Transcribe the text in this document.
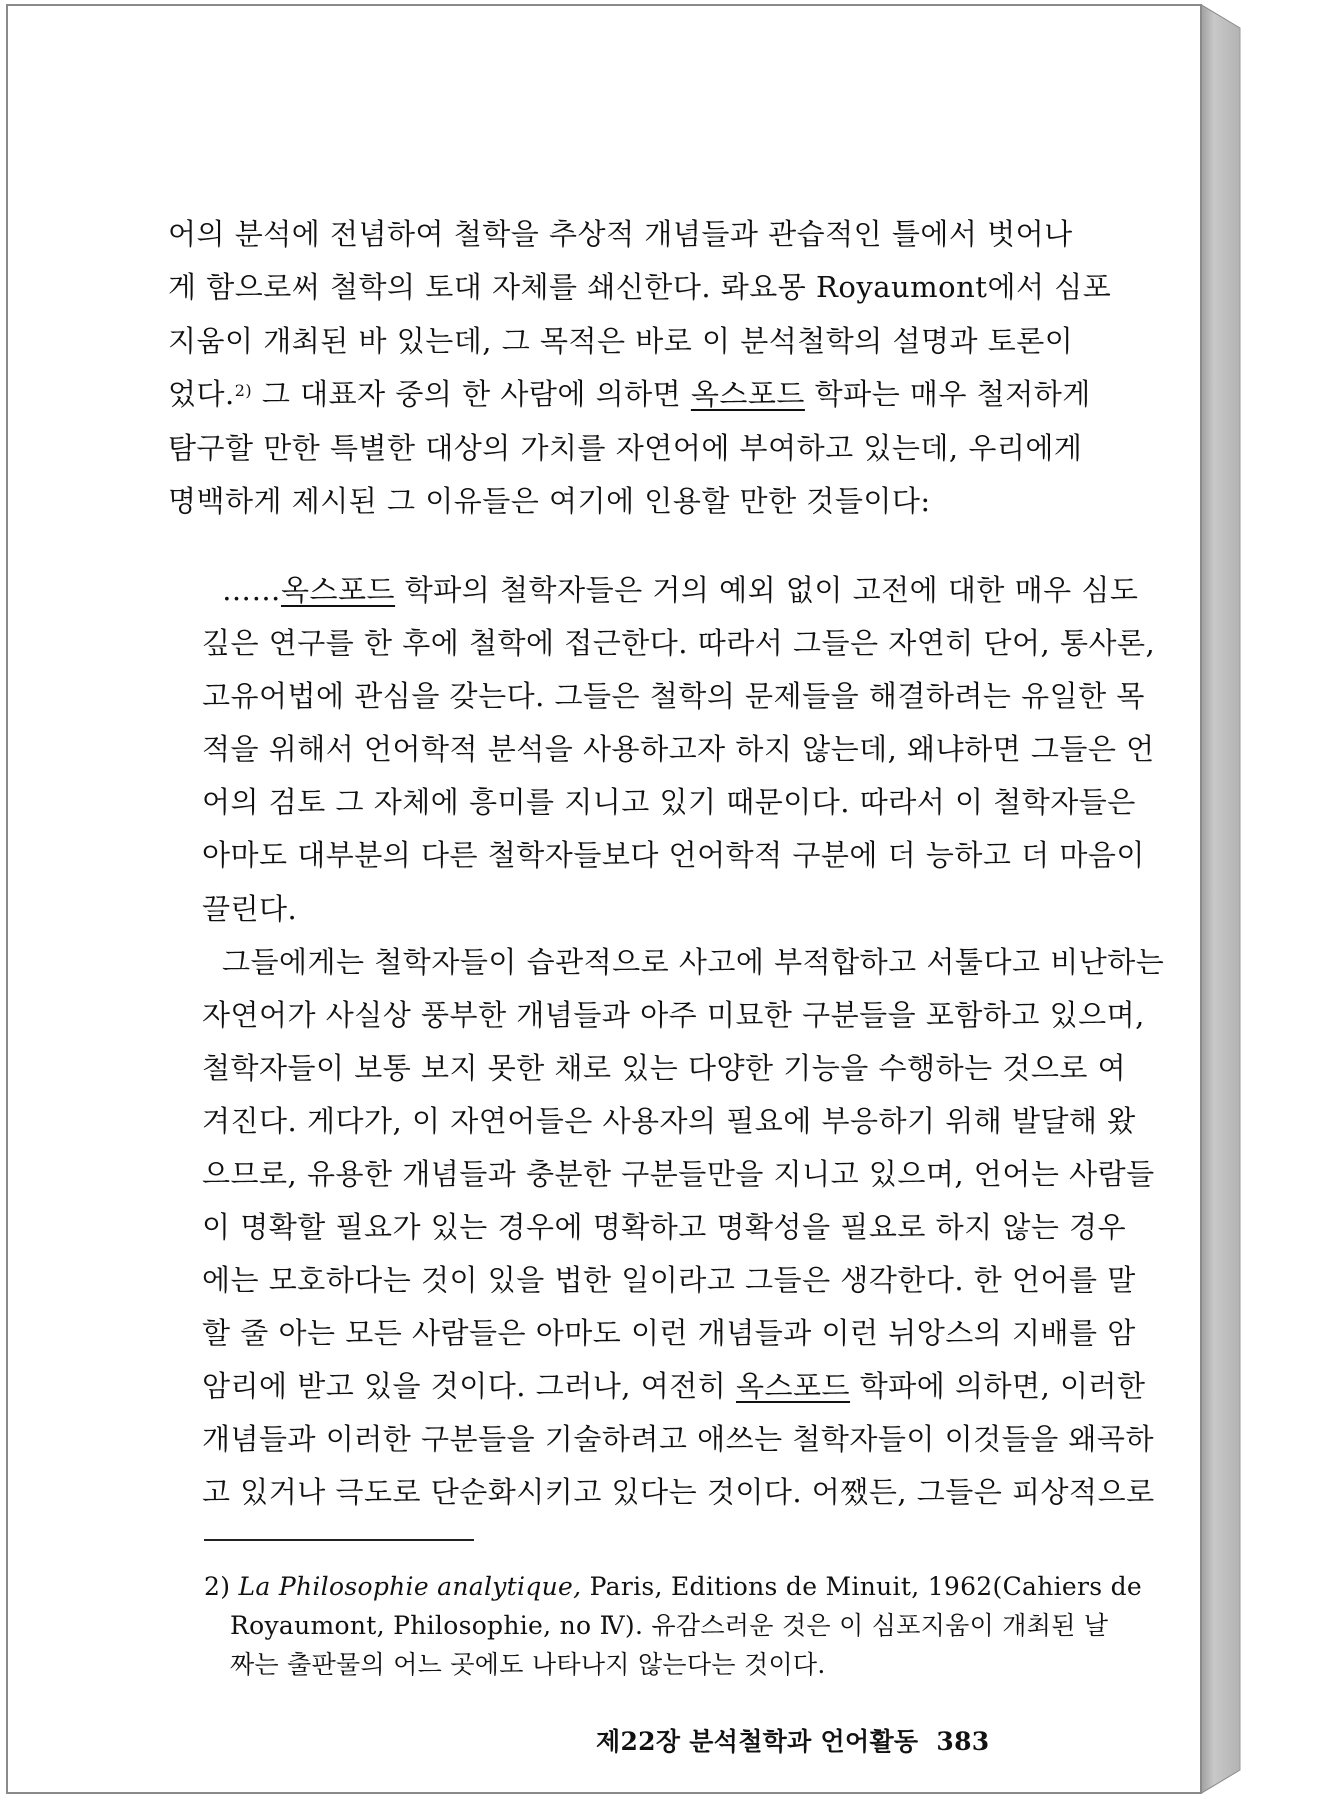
어의 분석에 전념하여 철학을 추상적 개념들과 관습적인 틀에서 벗어나

게 함으로써 철학의 토대 자체를 쇄신한다. 롸요몽 Royaumont에서 심포

지움이 개최된 바 있는데, 그 목적은 바로 이 분석철학의 설명과 토론이

었다.$^{2)}$ 그 대표자 중의 한 사람에 의하면 옥스포드 학파는 매우 철저하게

탐구할 만한 특별한 대상의 가치를 자연어에 부여하고 있는데, 우리에게

명백하게 제시된 그 이유들은 여기에 인용할 만한 것들이다:

……옥스포드 학파의 철학자들은 거의 예외 없이 고전에 대한 매우 심도

깊은 연구를 한 후에 철학에 접근한다. 따라서 그들은 자연히 단어, 통사론,

고유어법에 관심을 갖는다. 그들은 철학의 문제들을 해결하려는 유일한 목

적을 위해서 언어학적 분석을 사용하고자 하지 않는데, 왜냐하면 그들은 언

어의 검토 그 자체에 흥미를 지니고 있기 때문이다. 따라서 이 철학자들은

아마도 대부분의 다른 철학자들보다 언어학적 구분에 더 능하고 더 마음이

끌린다.

그들에게는 철학자들이 습관적으로 사고에 부적합하고 서툴다고 비난하는

자연어가 사실상 풍부한 개념들과 아주 미묘한 구분들을 포함하고 있으며,

철학자들이 보통 보지 못한 채로 있는 다양한 기능을 수행하는 것으로 여

겨진다. 게다가, 이 자연어들은 사용자의 필요에 부응하기 위해 발달해 왔

으므로, 유용한 개념들과 충분한 구분들만을 지니고 있으며, 언어는 사람들

이 명확할 필요가 있는 경우에 명확하고 명확성을 필요로 하지 않는 경우

에는 모호하다는 것이 있을 법한 일이라고 그들은 생각한다. 한 언어를 말

할 줄 아는 모든 사람들은 아마도 이런 개념들과 이런 뉘앙스의 지배를 암

암리에 받고 있을 것이다. 그러나, 여전히 옥스포드 학파에 의하면, 이러한

개념들과 이러한 구분들을 기술하려고 애쓰는 철학자들이 이것들을 왜곡하

고 있거나 극도로 단순화시키고 있다는 것이다. 어쨌든, 그들은 피상적으로

2) La Philosophie analytique, Paris, Editions de Minuit, 1962(Cahiers de

Royaumont, Philosophie, no Ⅳ). 유감스러운 것은 이 심포지움이 개최된 날

짜는 출판물의 어느 곳에도 나타나지 않는다는 것이다.

제22장 분석철학과 언어활동 383
